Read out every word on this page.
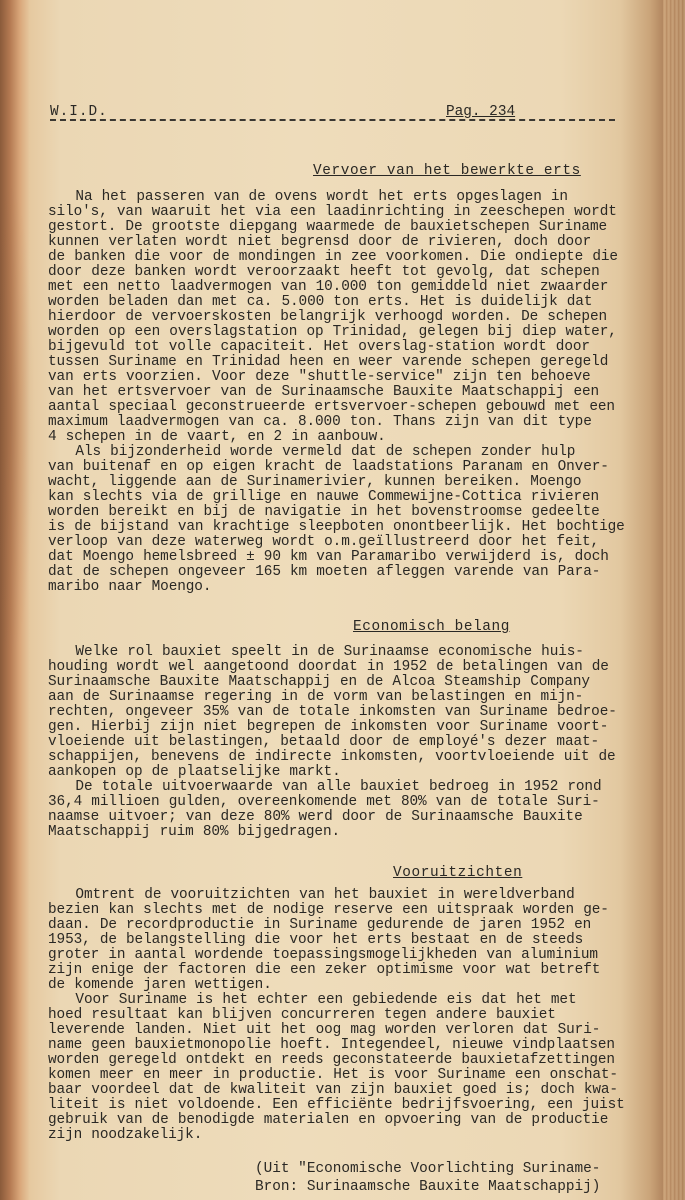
W.I.D.	Pag. 234
Vervoer van het bewerkte erts
Na het passeren van de ovens wordt het erts opgeslagen in
silo's, van waaruit het via een laadinrichting in zeeschepen wordt
gestort. De grootste diepgang waarmede de bauxietschepen Suriname
kunnen verlaten wordt niet begrensd door de rivieren, doch door
de banken die voor de mondingen in zee voorkomen. Die ondiepte die
door deze banken wordt veroorzaakt heeft tot gevolg, dat schepen
met een netto laadvermogen van 10.000 ton gemiddeld niet zwaarder
worden beladen dan met ca. 5.000 ton erts. Het is duidelijk dat
hierdoor de vervoerskosten belangrijk verhoogd worden. De schepen
worden op een overslagstation op Trinidad, gelegen bij diep water,
bijgevuld tot volle capaciteit. Het overslag-station wordt door
tussen Suriname en Trinidad heen en weer varende schepen geregeld
van erts voorzien. Voor deze "shuttle-service" zijn ten behoeve
van het ertsvervoer van de Surinaamsche Bauxite Maatschappij een
aantal speciaal geconstrueerde ertsvervoer-schepen gebouwd met een
maximum laadvermogen van ca. 8.000 ton. Thans zijn van dit type
4 schepen in de vaart, en 2 in aanbouw.
Als bijzonderheid worde vermeld dat de schepen zonder hulp
van buitenaf en op eigen kracht de laadstations Paranam en Onver-
wacht, liggende aan de Surinamerivier, kunnen bereiken. Moengo
kan slechts via de grillige en nauwe Commewijne-Cottica rivieren
worden bereikt en bij de navigatie in het bovenstroomse gedeelte
is de bijstand van krachtige sleepboten onontbeerlijk. Het bochtige
verloop van deze waterweg wordt o.m.geïllustreerd door het feit,
dat Moengo hemelsbreed ± 90 km van Paramaribo verwijderd is, doch
dat de schepen ongeveer 165 km moeten afleggen varende van Para-
maribo naar Moengo.
Economisch belang
Welke rol bauxiet speelt in de Surinaamse economische huis-
houding wordt wel aangetoond doordat in 1952 de betalingen van de
Surinaamsche Bauxite Maatschappij en de Alcoa Steamship Company
aan de Surinaamse regering in de vorm van belastingen en mijn-
rechten, ongeveer 35% van de totale inkomsten van Suriname bedroe-
gen. Hierbij zijn niet begrepen de inkomsten voor Suriname voort-
vloeiende uit belastingen, betaald door de employé's dezer maat-
schappijen, benevens de indirecte inkomsten, voortvloeiende uit de
aankopen op de plaatselijke markt.
De totale uitvoerwaarde van alle bauxiet bedroeg in 1952 rond
36,4 millioen gulden, overeenkomende met 80% van de totale Suri-
naamse uitvoer; van deze 80% werd door de Surinaamsche Bauxite
Maatschappij ruim 80% bijgedragen.
Vooruitzichten
Omtrent de vooruitzichten van het bauxiet in wereldverband
bezien kan slechts met de nodige reserve een uitspraak worden ge-
daan. De recordproductie in Suriname gedurende de jaren 1952 en
1953, de belangstelling die voor het erts bestaat en de steeds
groter in aantal wordende toepassingsmogelijkheden van aluminium
zijn enige der factoren die een zeker optimisme voor wat betreft
de komende jaren wettigen.
Voor Suriname is het echter een gebiedende eis dat het met
hoed resultaat kan blijven concurreren tegen andere bauxiet
leverende landen. Niet uit het oog mag worden verloren dat Suri-
name geen bauxietmonopolie hoeft. Integendeel, nieuwe vindplaatsen
worden geregeld ontdekt en reeds geconstateerde bauxietafzettingen
komen meer en meer in productie. Het is voor Suriname een onschat-
baar voordeel dat de kwaliteit van zijn bauxiet goed is; doch kwa-
liteit is niet voldoende. Een efficiënte bedrijfsvoering, een juist
gebruik van de benodigde materialen en opvoering van de productie
zijn noodzakelijk.
(Uit "Economische Voorlichting Suriname-
Bron: Surinaamsche Bauxite Maatschappij)
